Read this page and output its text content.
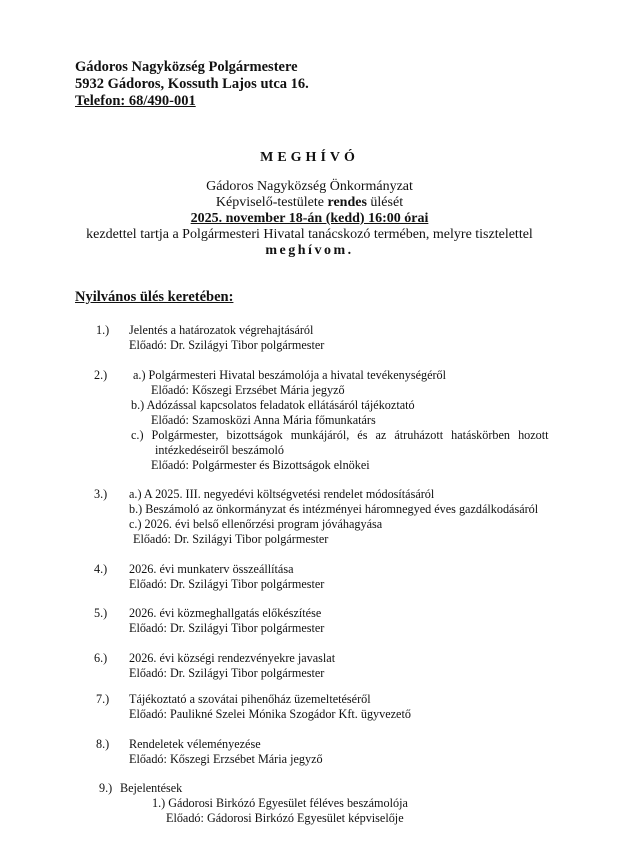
Gádoros Nagyközség Polgármestere
5932 Gádoros, Kossuth Lajos utca 16.
Telefon: 68/490-001
MEGHÍVÓ
Gádoros Nagyközség Önkormányzat
Képviselő-testülete rendes ülését
2025. november 18-án (kedd) 16:00 órai
kezdettel tartja a Polgármesteri Hivatal tanácskozó termében, melyre tisztelettel
meghívom.
Nyilvános ülés keretében:
1.) Jelentés a határozatok végrehajtásáról
Előadó: Dr. Szilágyi Tibor polgármester
2.) a.) Polgármesteri Hivatal beszámolója a hivatal tevékenységéről
Előadó: Kőszegi Erzsébet Mária jegyző
b.) Adózással kapcsolatos feladatok ellátásáról tájékoztató
Előadó: Szamosközi Anna Mária főmunkatárs
c.) Polgármester, bizottságok munkájáról, és az átruházott hatáskörben hozott
intézkedéseiről beszámoló
Előadó: Polgármester és Bizottságok elnökei
3.) a.) A 2025. III. negyedévi költségvetési rendelet módosításáról
b.) Beszámoló az önkormányzat és intézményei háromnegyed éves gazdálkodásáról
c.) 2026. évi belső ellenőrzési program jóváhagyása
Előadó: Dr. Szilágyi Tibor polgármester
4.) 2026. évi munkaterv összeállítása
Előadó: Dr. Szilágyi Tibor polgármester
5.) 2026. évi közmeghallgatás előkészítése
Előadó: Dr. Szilágyi Tibor polgármester
6.) 2026. évi községi rendezvényekre javaslat
Előadó: Dr. Szilágyi Tibor polgármester
7.) Tájékoztató a szovátai pihenőház üzemeltetéséről
Előadó: Paulikné Szelei Mónika Szogádor Kft. ügyvezető
8.) Rendeletek véleményezése
Előadó: Kőszegi Erzsébet Mária jegyző
9.) Bejelentések
1.) Gádorosi Birkózó Egyesület féléves beszámolója
Előadó: Gádorosi Birkózó Egyesület képviselője
